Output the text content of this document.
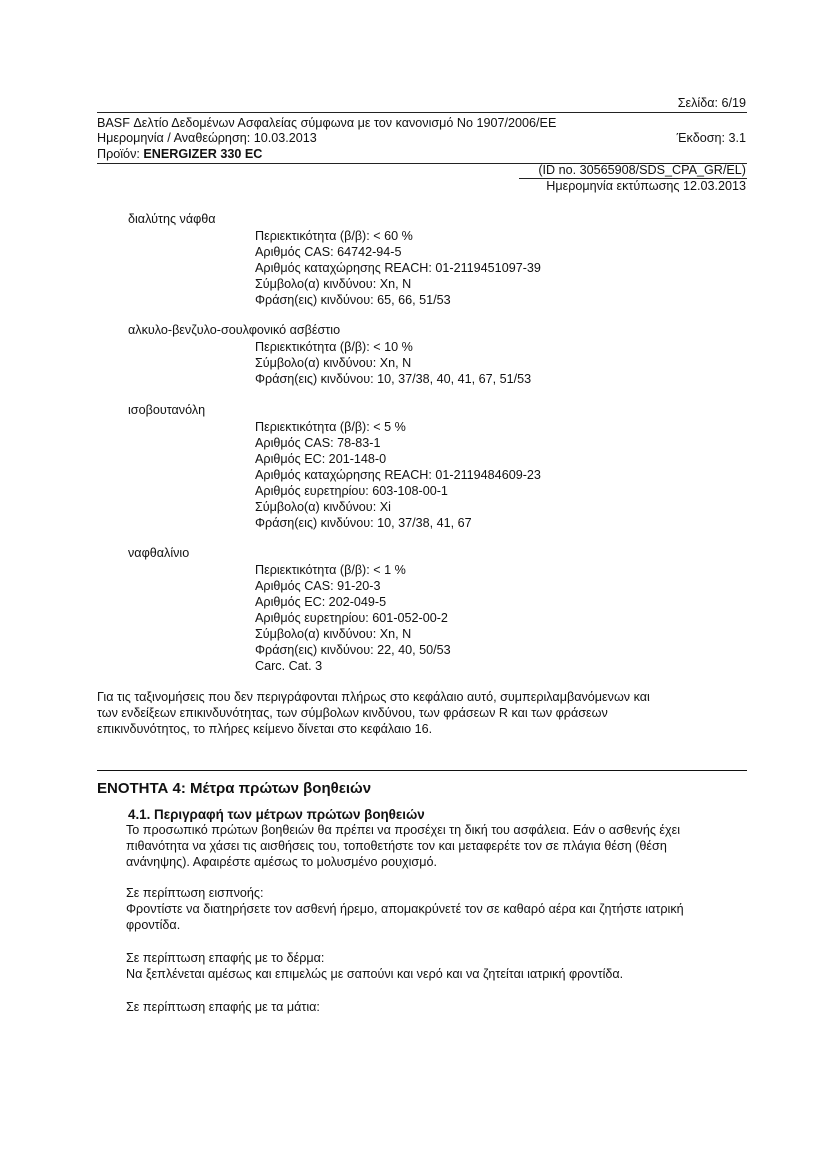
Σελίδα: 6/19
BASF Δελτίο Δεδομένων Ασφαλείας σύμφωνα με τον κανονισμό No 1907/2006/ΕΕ
Ημερομηνία / Αναθεώρηση: 10.03.2013	Έκδοση: 3.1
Προϊόν: ENERGIZER 330 EC
(ID no. 30565908/SDS_CPA_GR/EL)
Ημερομηνία εκτύπωσης 12.03.2013
διαλύτης νάφθα
Περιεκτικότητα (β/β): < 60 %
Αριθμός CAS: 64742-94-5
Αριθμός καταχώρησης REACH: 01-2119451097-39
Σύμβολο(α) κινδύνου: Xn, N
Φράση(εις) κινδύνου: 65, 66, 51/53
αλκυλο-βενζυλο-σουλφονικό ασβέστιο
Περιεκτικότητα (β/β): < 10 %
Σύμβολο(α) κινδύνου: Xn, N
Φράση(εις) κινδύνου: 10, 37/38, 40, 41, 67, 51/53
ισοβουτανόλη
Περιεκτικότητα (β/β): < 5 %
Αριθμός CAS: 78-83-1
Αριθμός EC: 201-148-0
Αριθμός καταχώρησης REACH: 01-2119484609-23
Αριθμός ευρετηρίου: 603-108-00-1
Σύμβολο(α) κινδύνου: Xi
Φράση(εις) κινδύνου: 10, 37/38, 41, 67
ναφθαλίνιο
Περιεκτικότητα (β/β): < 1 %
Αριθμός CAS: 91-20-3
Αριθμός EC: 202-049-5
Αριθμός ευρετηρίου: 601-052-00-2
Σύμβολο(α) κινδύνου: Xn, N
Φράση(εις) κινδύνου: 22, 40, 50/53
Carc. Cat. 3
Για τις ταξινομήσεις που δεν περιγράφονται πλήρως στο κεφάλαιο αυτό, συμπεριλαμβανόμενων και
των ενδείξεων επικινδυνότητας, των σύμβολων κινδύνου, των φράσεων R και των φράσεων
επικινδυνότητος, το πλήρες κείμενο δίνεται στο κεφάλαιο 16.
ΕΝΟΤΗΤΑ 4: Μέτρα πρώτων βοηθειών
4.1. Περιγραφή των μέτρων πρώτων βοηθειών
Το προσωπικό πρώτων βοηθειών θα πρέπει να προσέχει τη δική του ασφάλεια. Εάν ο ασθενής έχει
πιθανότητα να χάσει τις αισθήσεις του, τοποθετήστε τον και μεταφερέτε τον σε πλάγια θέση (θέση
ανάνηψης). Αφαιρέστε αμέσως το μολυσμένο ρουχισμό.
Σε περίπτωση εισπνοής:
Φροντίστε να διατηρήσετε τον ασθενή ήρεμο, απομακρύνετέ τον σε καθαρό αέρα και ζητήστε ιατρική
φροντίδα.
Σε περίπτωση επαφής με το δέρμα:
Να ξεπλένεται αμέσως και επιμελώς με σαπούνι και νερό και να ζητείται ιατρική φροντίδα.
Σε περίπτωση επαφής με τα μάτια:
